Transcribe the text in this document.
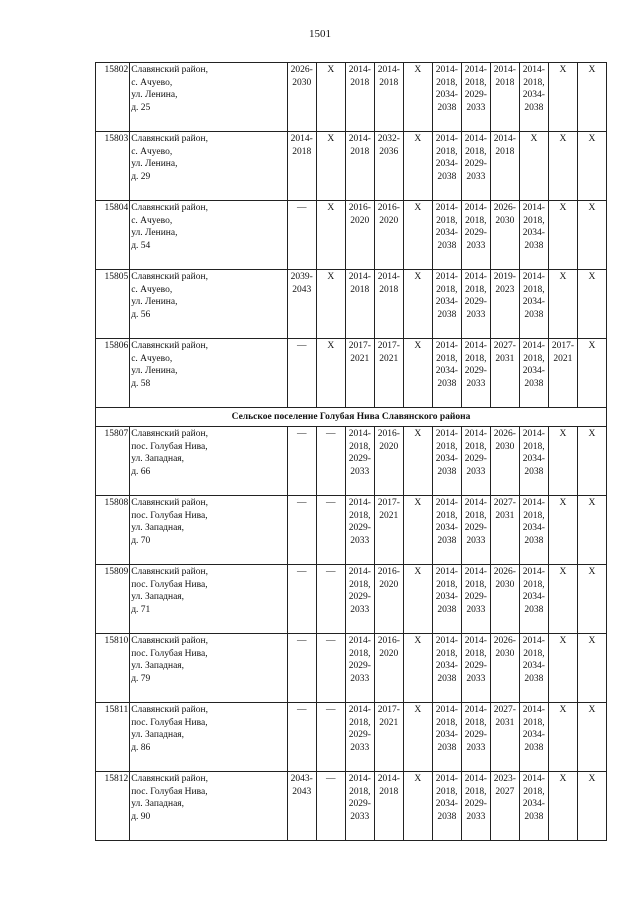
1501
15802	Славянский район,
с. Ачуево,
ул. Ленина,
д. 25	2026-
2030	X	2014-
2018	2014-
2018	X	2014-
2018,
2034-
2038	2014-
2018,
2029-
2033	2014-
2018	2014-
2018,
2034-
2038	X	X

15803	Славянский район,
с. Ачуево,
ул. Ленина,
д. 29	2014-
2018	X	2014-
2018	2032-
2036	X	2014-
2018,
2034-
2038	2014-
2018,
2029-
2033	2014-
2018	X	X	X

15804	Славянский район,
с. Ачуево,
ул. Ленина,
д. 54	—	X	2016-
2020	2016-
2020	X	2014-
2018,
2034-
2038	2014-
2018,
2029-
2033	2026-
2030	2014-
2018,
2034-
2038	X	X

15805	Славянский район,
с. Ачуево,
ул. Ленина,
д. 56	2039-
2043	X	2014-
2018	2014-
2018	X	2014-
2018,
2034-
2038	2014-
2018,
2029-
2033	2019-
2023	2014-
2018,
2034-
2038	X	X

15806	Славянский район,
с. Ачуево,
ул. Ленина,
д. 58	—	X	2017-
2021	2017-
2021	X	2014-
2018,
2034-
2038	2014-
2018,
2029-
2033	2027-
2031	2014-
2018,
2034-
2038	2017-
2021	X

Сельское поселение Голубая Нива Славянского района												
15807	Славянский район,
пос. Голубая Нива,
ул. Западная,
д. 66	—	—	2014-
2018,
2029-
2033	2016-
2020	X	2014-
2018,
2034-
2038	2014-
2018,
2029-
2033	2026-
2030	2014-
2018,
2034-
2038	X	X

15808	Славянский район,
пос. Голубая Нива,
ул. Западная,
д. 70	—	—	2014-
2018,
2029-
2033	2017-
2021	X	2014-
2018,
2034-
2038	2014-
2018,
2029-
2033	2027-
2031	2014-
2018,
2034-
2038	X	X

15809	Славянский район,
пос. Голубая Нива,
ул. Западная,
д. 71	—	—	2014-
2018,
2029-
2033	2016-
2020	X	2014-
2018,
2034-
2038	2014-
2018,
2029-
2033	2026-
2030	2014-
2018,
2034-
2038	X	X

15810	Славянский район,
пос. Голубая Нива,
ул. Западная,
д. 79	—	—	2014-
2018,
2029-
2033	2016-
2020	X	2014-
2018,
2034-
2038	2014-
2018,
2029-
2033	2026-
2030	2014-
2018,
2034-
2038	X	X

15811	Славянский район,
пос. Голубая Нива,
ул. Западная,
д. 86	—	—	2014-
2018,
2029-
2033	2017-
2021	X	2014-
2018,
2034-
2038	2014-
2018,
2029-
2033	2027-
2031	2014-
2018,
2034-
2038	X	X

15812	Славянский район,
пос. Голубая Нива,
ул. Западная,
д. 90	2043-
2043	—	2014-
2018,
2029-
2033	2014-
2018	X	2014-
2018,
2034-
2038	2014-
2018,
2029-
2033	2023-
2027	2014-
2018,
2034-
2038	X	X
